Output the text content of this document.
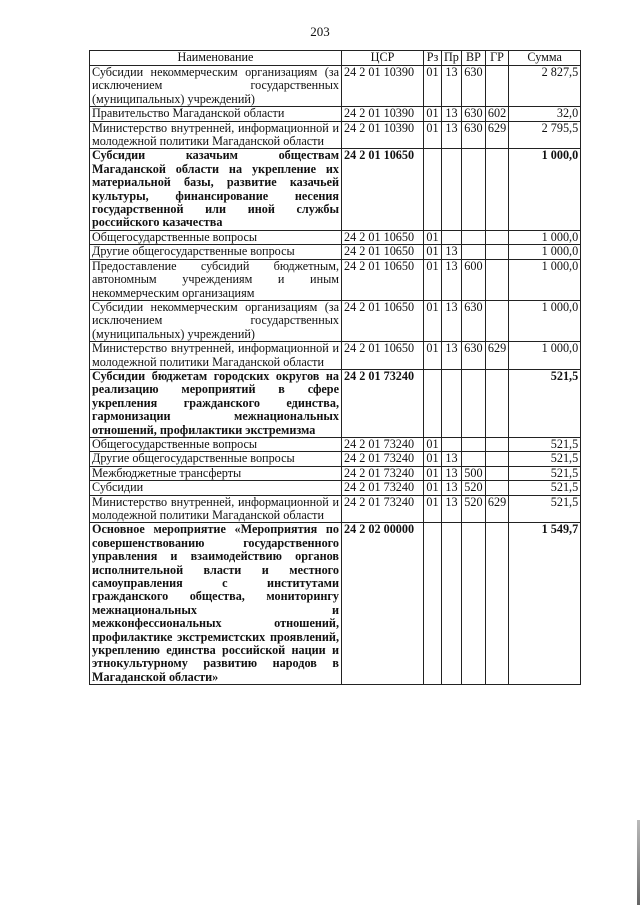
203
Наименование	ЦСР	Рз	Пр	ВР	ГР	Сумма
Субсидии некоммерческим организациям (за исключением государственных (муниципальных) учреждений)	24 2 01 10390	01	13	630		2 827,5
Правительство Магаданской области	24 2 01 10390	01	13	630	602	32,0
Министерство внутренней, информационной и молодежной политики Магаданской области	24 2 01 10390	01	13	630	629	2 795,5
Субсидии казачьим обществам Магаданской области на укрепление их материальной базы, развитие казачьей культуры, финансирование несения государственной или иной службы российского казачества	24 2 01 10650					1 000,0
Общегосударственные вопросы	24 2 01 10650	01				1 000,0
Другие общегосударственные вопросы	24 2 01 10650	01	13			1 000,0
Предоставление субсидий бюджетным, автономным учреждениям и иным некоммерческим организациям	24 2 01 10650	01	13	600		1 000,0
Субсидии некоммерческим организациям (за исключением государственных (муниципальных) учреждений)	24 2 01 10650	01	13	630		1 000,0
Министерство внутренней, информационной и молодежной политики Магаданской области	24 2 01 10650	01	13	630	629	1 000,0
Субсидии бюджетам городских округов на реализацию мероприятий в сфере укрепления гражданского единства, гармонизации межнациональных отношений, профилактики экстремизма	24 2 01 73240					521,5
Общегосударственные вопросы	24 2 01 73240	01				521,5
Другие общегосударственные вопросы	24 2 01 73240	01	13			521,5
Межбюджетные трансферты	24 2 01 73240	01	13	500		521,5
Субсидии	24 2 01 73240	01	13	520		521,5
Министерство внутренней, информационной и молодежной политики Магаданской области	24 2 01 73240	01	13	520	629	521,5
Основное мероприятие «Мероприятия по совершенствованию государственного управления и взаимодействию органов исполнительной власти и местного самоуправления с институтами гражданского общества, мониторингу межнациональных и межконфессиональных отношений, профилактике экстремистских проявлений, укреплению единства российской нации и этнокультурному развитию народов в Магаданской области»	24 2 02 00000					1 549,7
